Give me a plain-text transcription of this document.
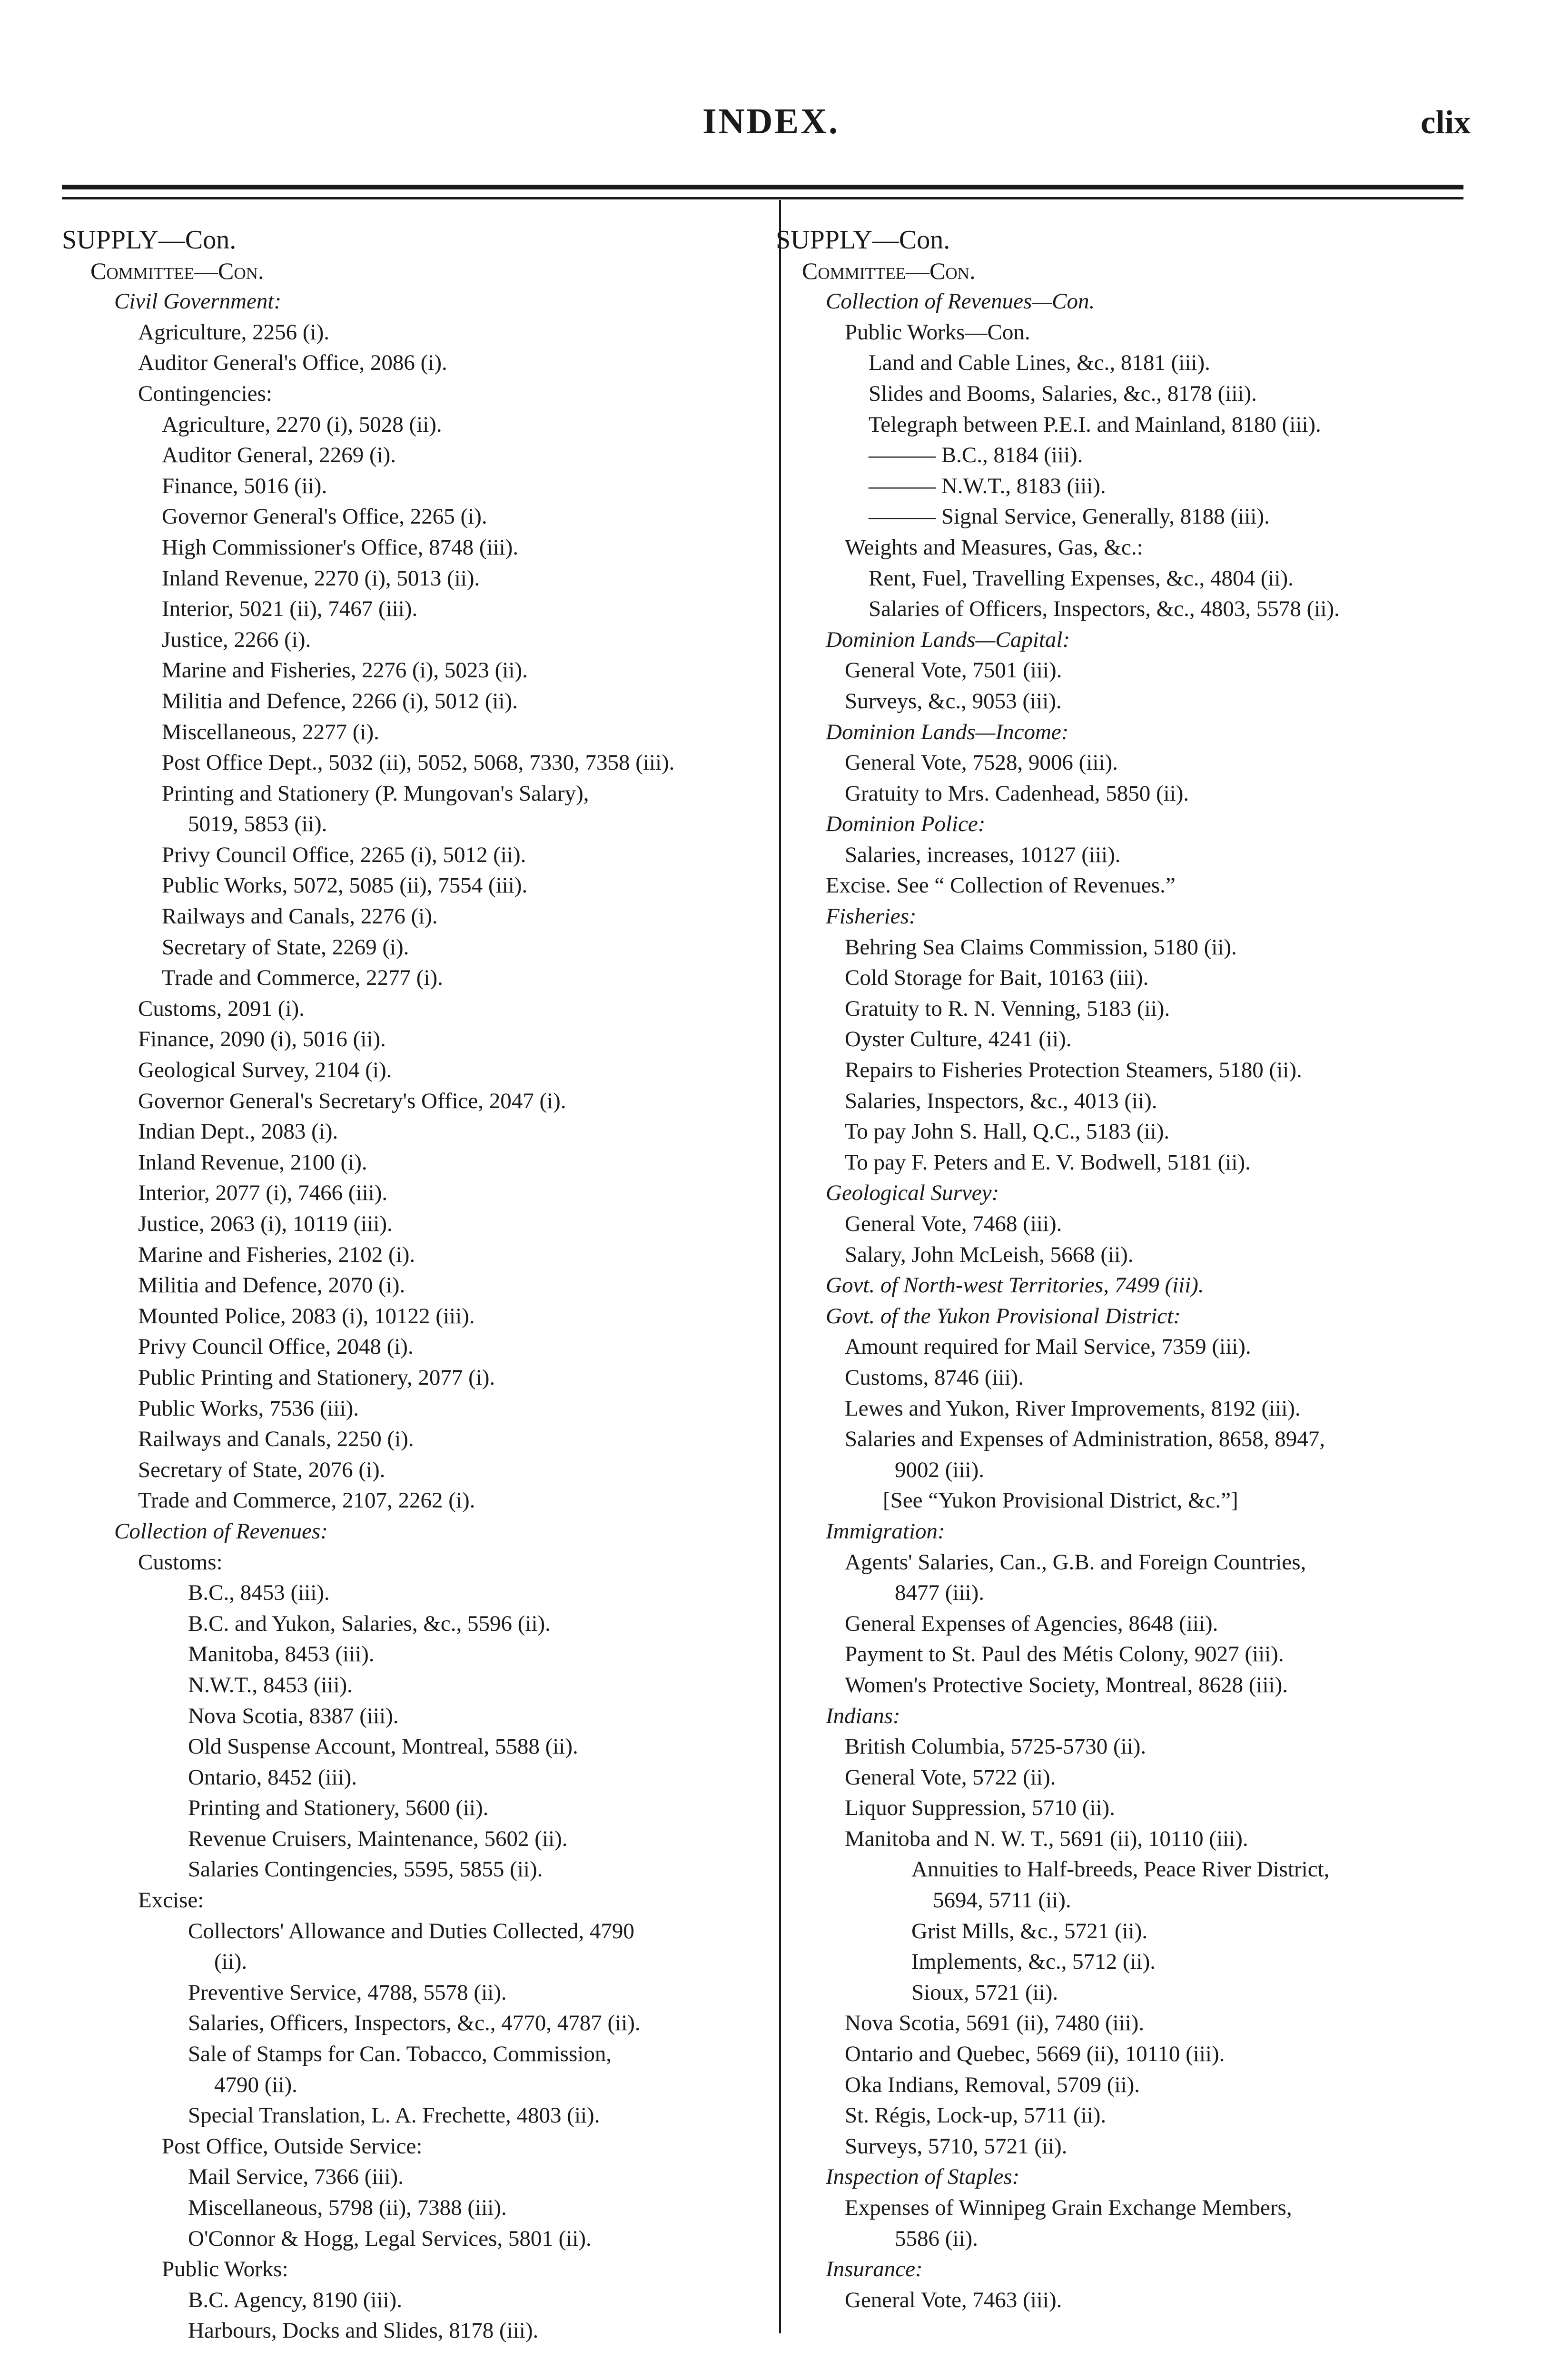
INDEX.	clix
SUPPLY—Con.
Committee—Con.
Civil Government:
Agriculture, 2256 (i).
Auditor General's Office, 2086 (i).
Contingencies:
Agriculture, 2270 (i), 5028 (ii).
Auditor General, 2269 (i).
Finance, 5016 (ii).
Governor General's Office, 2265 (i).
High Commissioner's Office, 8748 (iii).
Inland Revenue, 2270 (i), 5013 (ii).
Interior, 5021 (ii), 7467 (iii).
Justice, 2266 (i).
Marine and Fisheries, 2276 (i), 5023 (ii).
Militia and Defence, 2266 (i), 5012 (ii).
Miscellaneous, 2277 (i).
Post Office Dept., 5032 (ii), 5052, 5068, 7330, 7358 (iii).
Printing and Stationery (P. Mungovan's Salary),
5019, 5853 (ii).
Privy Council Office, 2265 (i), 5012 (ii).
Public Works, 5072, 5085 (ii), 7554 (iii).
Railways and Canals, 2276 (i).
Secretary of State, 2269 (i).
Trade and Commerce, 2277 (i).
Customs, 2091 (i).
Finance, 2090 (i), 5016 (ii).
Geological Survey, 2104 (i).
Governor General's Secretary's Office, 2047 (i).
Indian Dept., 2083 (i).
Inland Revenue, 2100 (i).
Interior, 2077 (i), 7466 (iii).
Justice, 2063 (i), 10119 (iii).
Marine and Fisheries, 2102 (i).
Militia and Defence, 2070 (i).
Mounted Police, 2083 (i), 10122 (iii).
Privy Council Office, 2048 (i).
Public Printing and Stationery, 2077 (i).
Public Works, 7536 (iii).
Railways and Canals, 2250 (i).
Secretary of State, 2076 (i).
Trade and Commerce, 2107, 2262 (i).
Collection of Revenues:
Customs:
B.C., 8453 (iii).
B.C. and Yukon, Salaries, &c., 5596 (ii).
Manitoba, 8453 (iii).
N.W.T., 8453 (iii).
Nova Scotia, 8387 (iii).
Old Suspense Account, Montreal, 5588 (ii).
Ontario, 8452 (iii).
Printing and Stationery, 5600 (ii).
Revenue Cruisers, Maintenance, 5602 (ii).
Salaries Contingencies, 5595, 5855 (ii).
Excise:
Collectors' Allowance and Duties Collected, 4790
(ii).
Preventive Service, 4788, 5578 (ii).
Salaries, Officers, Inspectors, &c., 4770, 4787 (ii).
Sale of Stamps for Can. Tobacco, Commission,
4790 (ii).
Special Translation, L. A. Frechette, 4803 (ii).
Post Office, Outside Service:
Mail Service, 7366 (iii).
Miscellaneous, 5798 (ii), 7388 (iii).
O'Connor & Hogg, Legal Services, 5801 (ii).
Public Works:
B.C. Agency, 8190 (iii).
Harbours, Docks and Slides, 8178 (iii).
SUPPLY—Con.
Committee—Con.
Collection of Revenues—Con.
Public Works—Con.
Land and Cable Lines, &c., 8181 (iii).
Slides and Booms, Salaries, &c., 8178 (iii).
Telegraph between P.E.I. and Mainland, 8180 (iii).
——— B.C., 8184 (iii).
——— N.W.T., 8183 (iii).
——— Signal Service, Generally, 8188 (iii).
Weights and Measures, Gas, &c.:
Rent, Fuel, Travelling Expenses, &c., 4804 (ii).
Salaries of Officers, Inspectors, &c., 4803, 5578 (ii).
Dominion Lands—Capital:
General Vote, 7501 (iii).
Surveys, &c., 9053 (iii).
Dominion Lands—Income:
General Vote, 7528, 9006 (iii).
Gratuity to Mrs. Cadenhead, 5850 (ii).
Dominion Police:
Salaries, increases, 10127 (iii).
Excise. See “ Collection of Revenues.”
Fisheries:
Behring Sea Claims Commission, 5180 (ii).
Cold Storage for Bait, 10163 (iii).
Gratuity to R. N. Venning, 5183 (ii).
Oyster Culture, 4241 (ii).
Repairs to Fisheries Protection Steamers, 5180 (ii).
Salaries, Inspectors, &c., 4013 (ii).
To pay John S. Hall, Q.C., 5183 (ii).
To pay F. Peters and E. V. Bodwell, 5181 (ii).
Geological Survey:
General Vote, 7468 (iii).
Salary, John McLeish, 5668 (ii).
Govt. of North-west Territories, 7499 (iii).
Govt. of the Yukon Provisional District:
Amount required for Mail Service, 7359 (iii).
Customs, 8746 (iii).
Lewes and Yukon, River Improvements, 8192 (iii).
Salaries and Expenses of Administration, 8658, 8947,
9002 (iii).
[See “Yukon Provisional District, &c.”]
Immigration:
Agents' Salaries, Can., G.B. and Foreign Countries,
8477 (iii).
General Expenses of Agencies, 8648 (iii).
Payment to St. Paul des Métis Colony, 9027 (iii).
Women's Protective Society, Montreal, 8628 (iii).
Indians:
British Columbia, 5725-5730 (ii).
General Vote, 5722 (ii).
Liquor Suppression, 5710 (ii).
Manitoba and N. W. T., 5691 (ii), 10110 (iii).
Annuities to Half-breeds, Peace River District,
5694, 5711 (ii).
Grist Mills, &c., 5721 (ii).
Implements, &c., 5712 (ii).
Sioux, 5721 (ii).
Nova Scotia, 5691 (ii), 7480 (iii).
Ontario and Quebec, 5669 (ii), 10110 (iii).
Oka Indians, Removal, 5709 (ii).
St. Régis, Lock-up, 5711 (ii).
Surveys, 5710, 5721 (ii).
Inspection of Staples:
Expenses of Winnipeg Grain Exchange Members,
5586 (ii).
Insurance:
General Vote, 7463 (iii).
